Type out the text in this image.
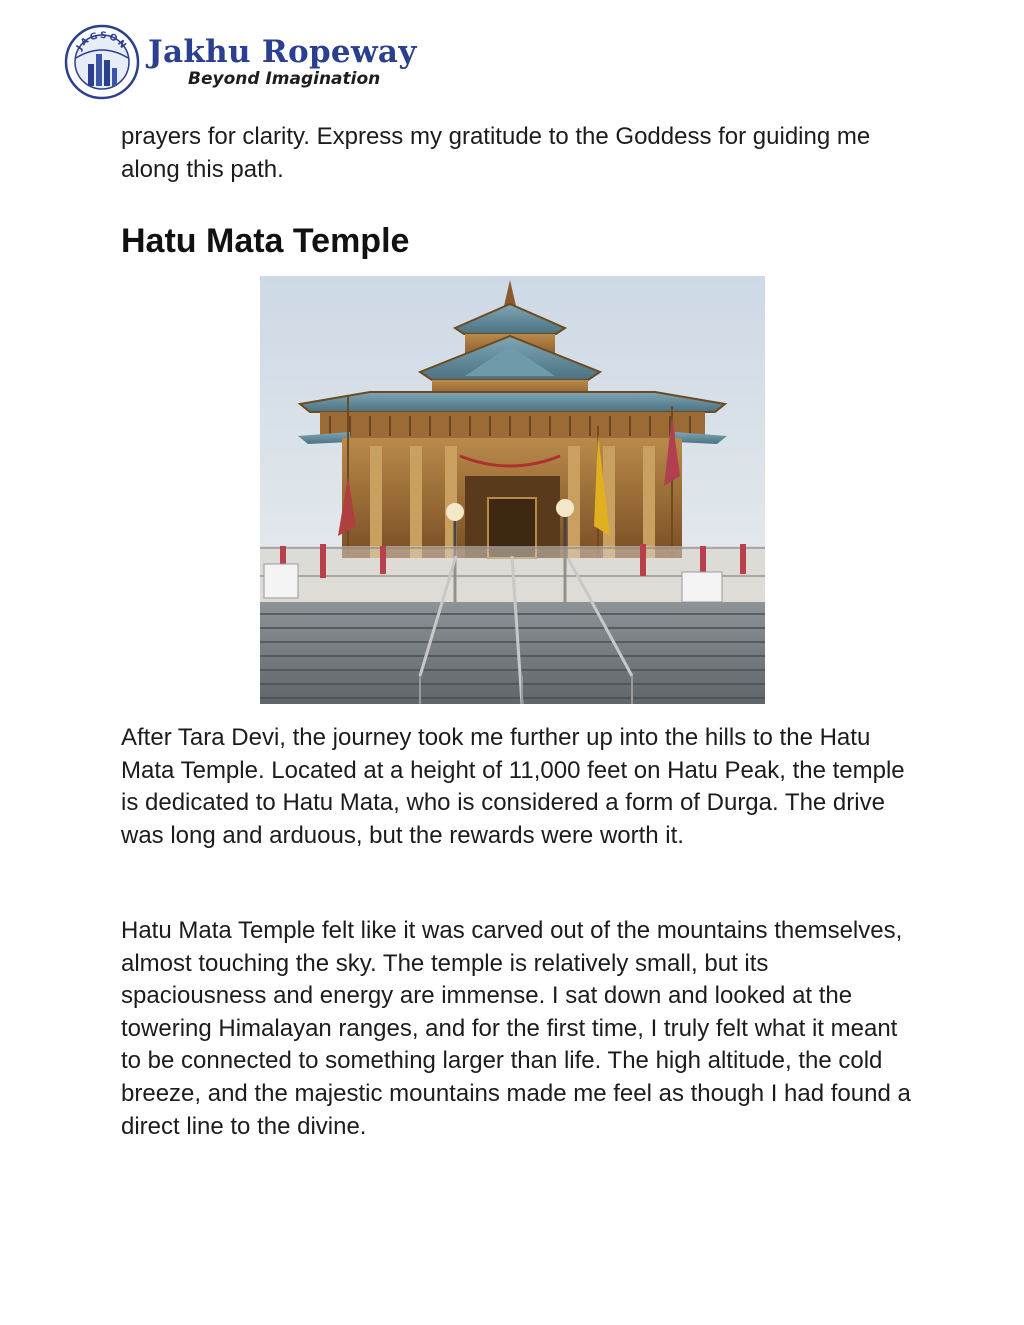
JAGSON Jakhu Ropeway
Beyond Imagination

prayers for clarity. Express my gratitude to the Goddess for guiding me along this path.

Hatu Mata Temple

After Tara Devi, the journey took me further up into the hills to the Hatu Mata Temple. Located at a height of 11,000 feet on Hatu Peak, the temple is dedicated to Hatu Mata, who is considered a form of Durga. The drive was long and arduous, but the rewards were worth it.

Hatu Mata Temple felt like it was carved out of the mountains themselves, almost touching the sky. The temple is relatively small, but its spaciousness and energy are immense. I sat down and looked at the towering Himalayan ranges, and for the first time, I truly felt what it meant to be connected to something larger than life. The high altitude, the cold breeze, and the majestic mountains made me feel as though I had found a direct line to the divine.
